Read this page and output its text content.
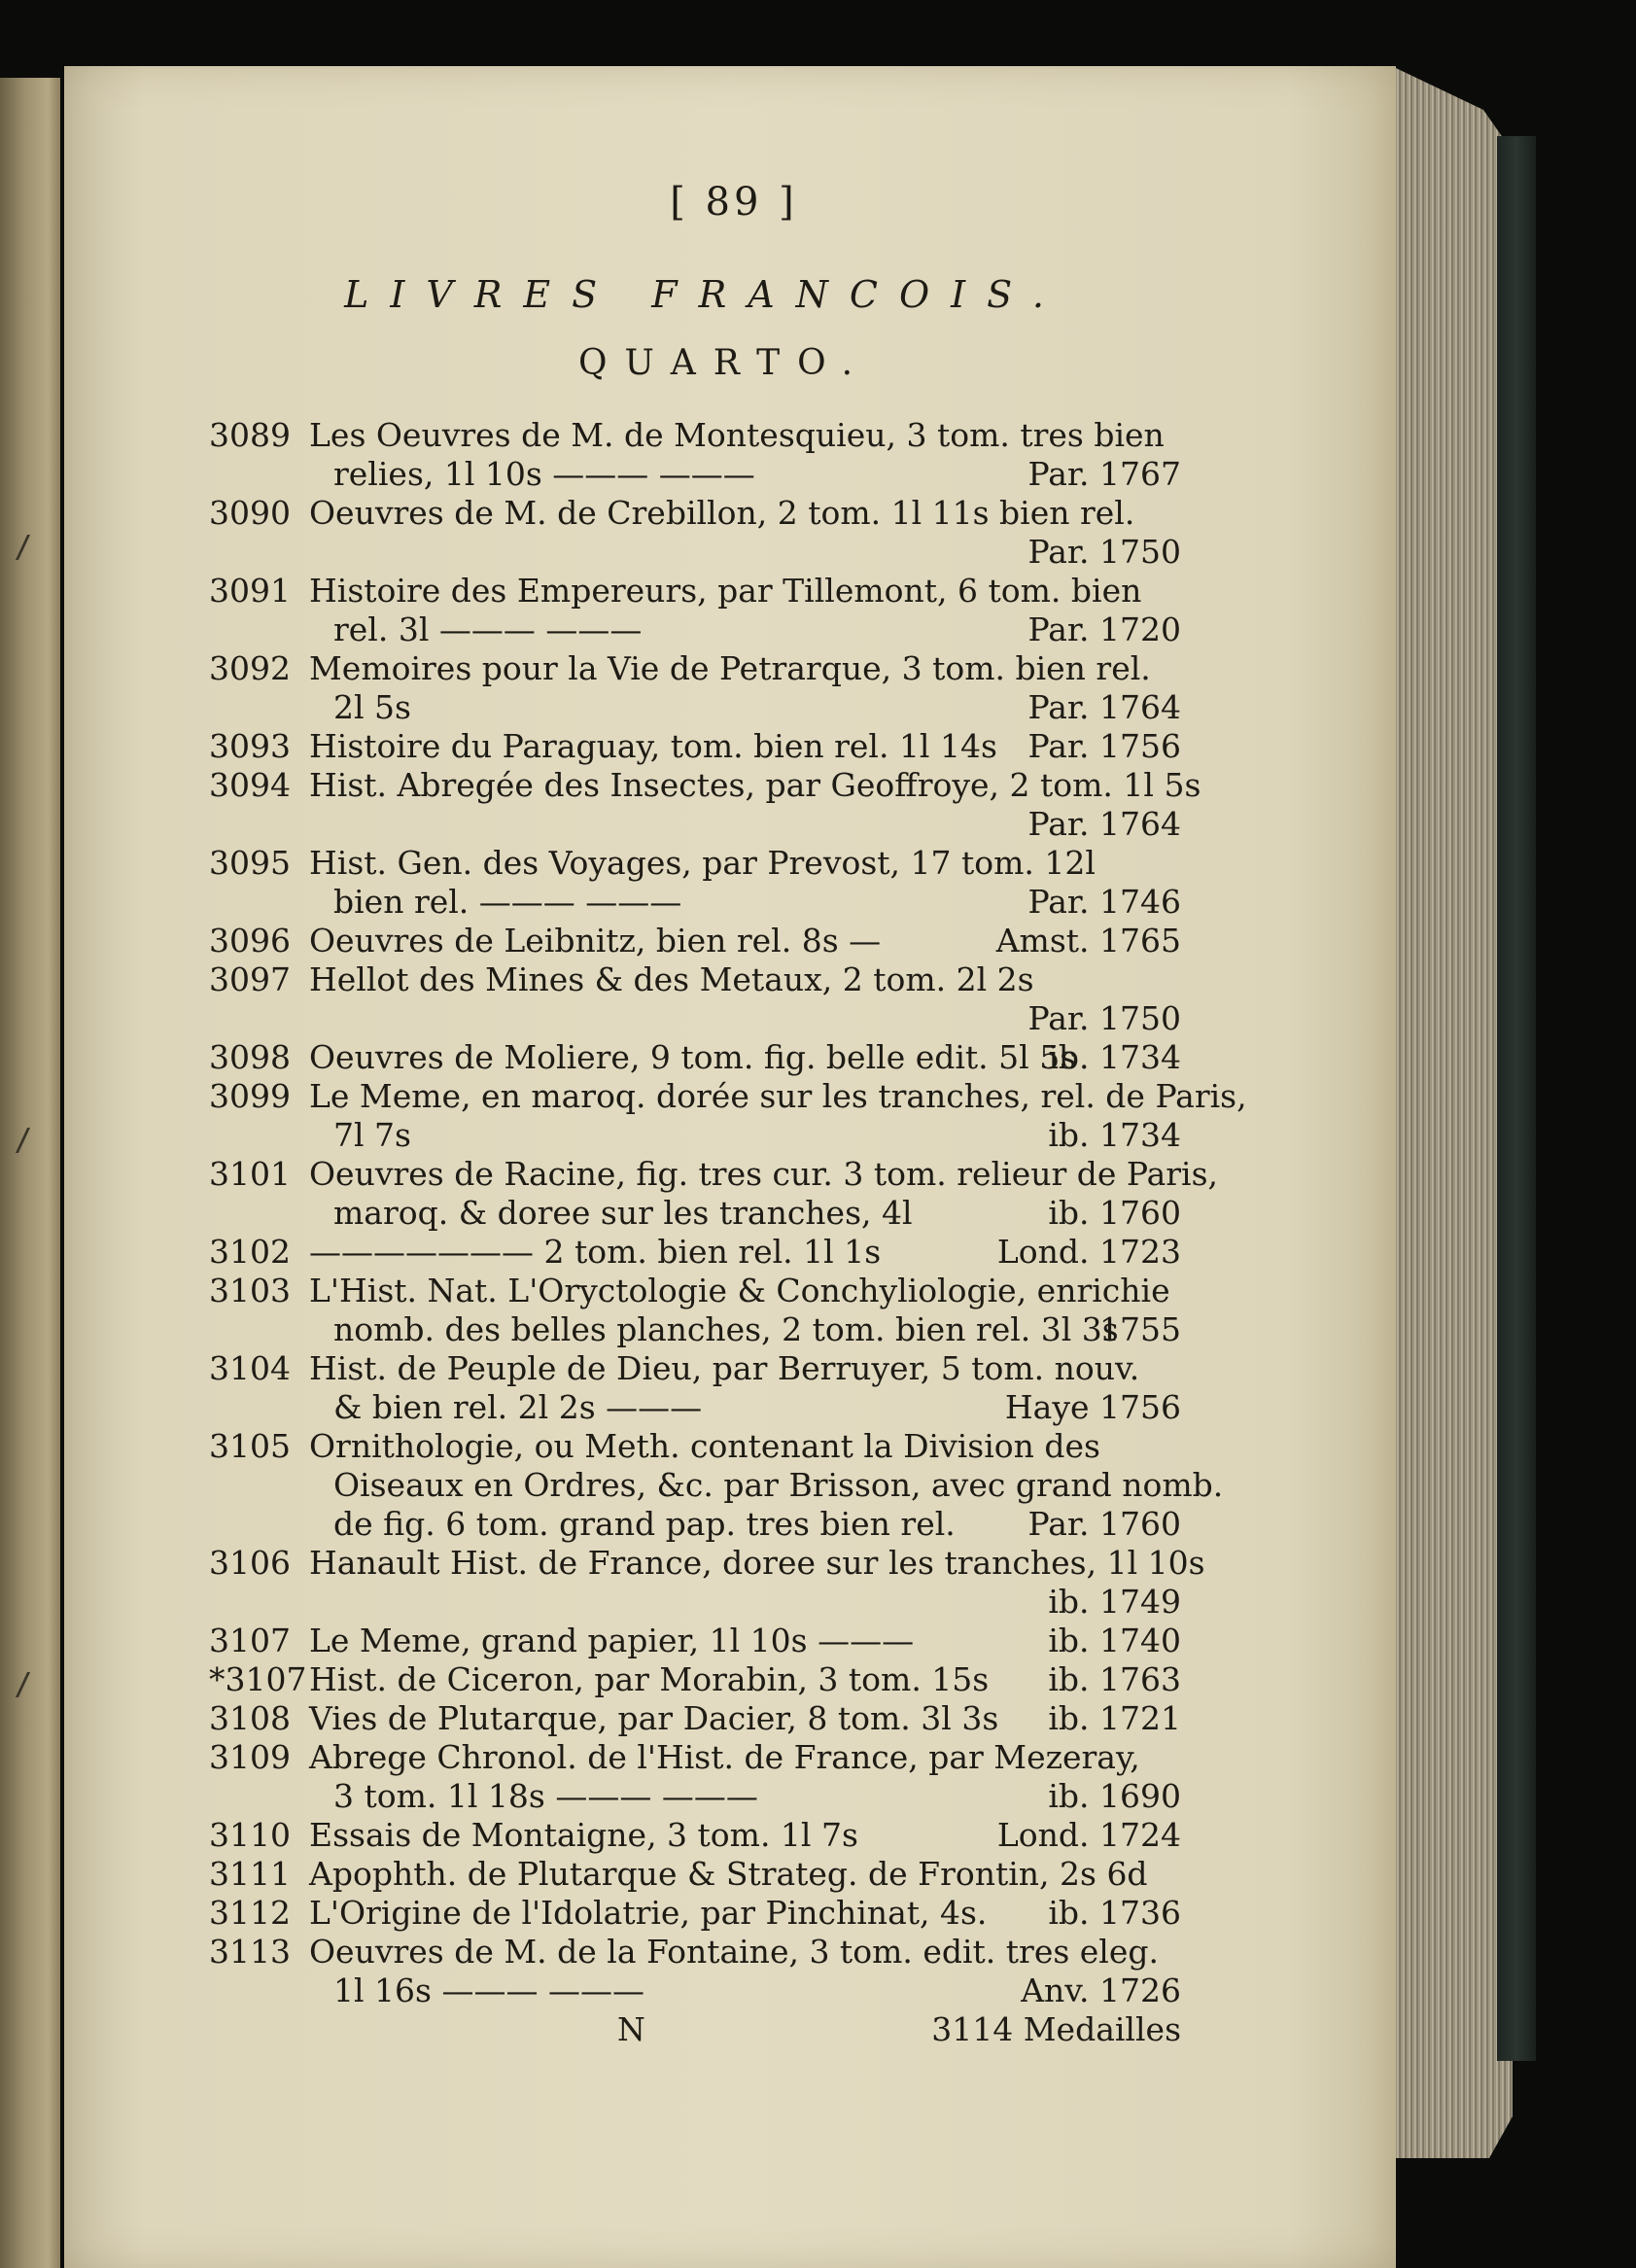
[ 89 ]
LIVRES FRANCOIS.
QUARTO.
3089 Les Oeuvres de M. de Montesquieu, 3 tom. tres bien
relies, 1l 10s ——— ———	Par. 1767
3090 Oeuvres de M. de Crebillon, 2 tom. 1l 11s bien rel.
Par. 1750
3091 Histoire des Empereurs, par Tillemont, 6 tom. bien
rel. 3l ——— ———	Par. 1720
3092 Memoires pour la Vie de Petrarque, 3 tom. bien rel.
2l 5s	Par. 1764
3093 Histoire du Paraguay, tom. bien rel. 1l 14s Par. 1756
3094 Hist. Abregée des Insectes, par Geoffroye, 2 tom. 1l 5s
Par. 1764
3095 Hist. Gen. des Voyages, par Prevost, 17 tom. 12l
bien rel. ——— ———	Par. 1746
3096 Oeuvres de Leibnitz, bien rel. 8s —	Amst. 1765
3097 Hellot des Mines & des Metaux, 2 tom. 2l 2s
Par. 1750
3098 Oeuvres de Moliere, 9 tom. fig. belle edit. 5l 5s
ib. 1734
3099 Le Meme, en maroq. dorée sur les tranches, rel. de Paris,
7l 7s	ib. 1734
3101 Oeuvres de Racine, fig. tres cur. 3 tom. relieur de Paris,
maroq. & doree sur les tranches, 4l	ib. 1760
3102 ——————— 2 tom. bien rel. 1l 1s	Lond. 1723
3103 L'Hist. Nat. L'Oryctologie & Conchyliologie, enrichie
nomb. des belles planches, 2 tom. bien rel. 3l 3s
1755
3104 Hist. de Peuple de Dieu, par Berruyer, 5 tom. nouv.
& bien rel. 2l 2s ———	Haye 1756
3105 Ornithologie, ou Meth. contenant la Division des
Oiseaux en Ordres, &c. par Brisson, avec grand nomb.
de fig. 6 tom. grand pap. tres bien rel. Par. 1760
3106 Hanault Hist. de France, doree sur les tranches, 1l 10s
ib. 1749
3107 Le Meme, grand papier, 1l 10s ———	ib. 1740
*3107 Hist. de Ciceron, par Morabin, 3 tom. 15s ib. 1763
3108 Vies de Plutarque, par Dacier, 8 tom. 3l 3s ib. 1721
3109 Abrege Chronol. de l'Hist. de France, par Mezeray,
3 tom. 1l 18s ——— ———	ib. 1690
3110 Essais de Montaigne, 3 tom. 1l 7s	Lond. 1724
3111 Apophth. de Plutarque & Strateg. de Frontin, 2s 6d
3112 L'Origine de l'Idolatrie, par Pinchinat, 4s. ib. 1736
3113 Oeuvres de M. de la Fontaine, 3 tom. edit. tres eleg.
1l 16s ——— ———	Anv. 1726
N	3114 Medailles
